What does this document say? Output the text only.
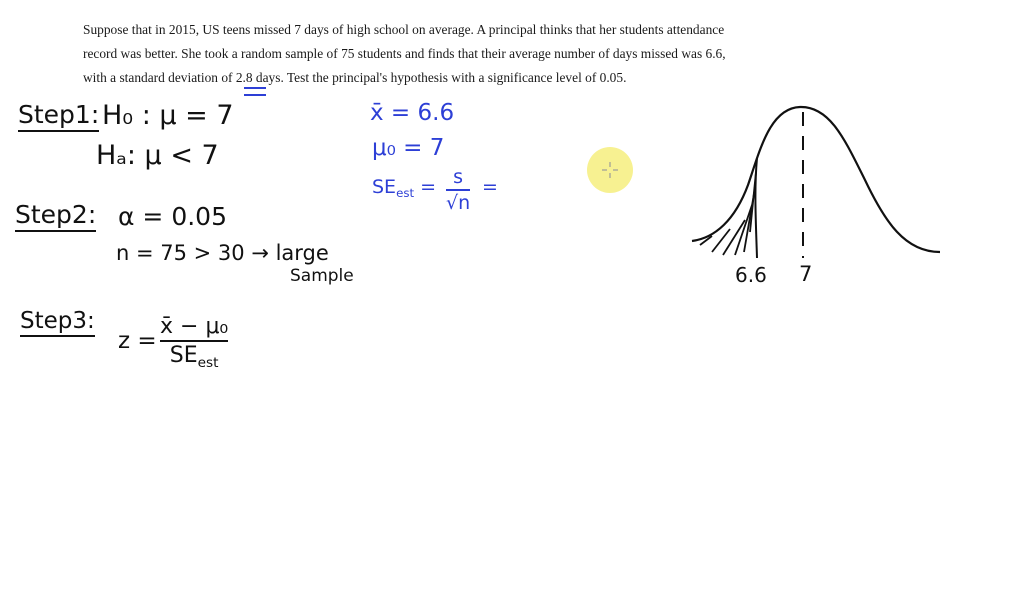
Suppose that in 2015, US teens missed 7 days of high school on average. A principal thinks that her students attendance
record was better. She took a random sample of 75 students and finds that their average number of days missed was 6.6,
with a standard deviation of 2.8 days. Test the principal's hypothesis with a significance level of 0.05.
Step1: H₀ : μ = 7
Hₐ: μ < 7
Step2: α = 0.05
n = 75 > 30 → large
Sample
Step3:
z =
x̄ − μ₀
$SE_{est}$
x̄ = 6.6
μ₀ = 7
$SE_{est} = s$
√n
=
6.6 7
